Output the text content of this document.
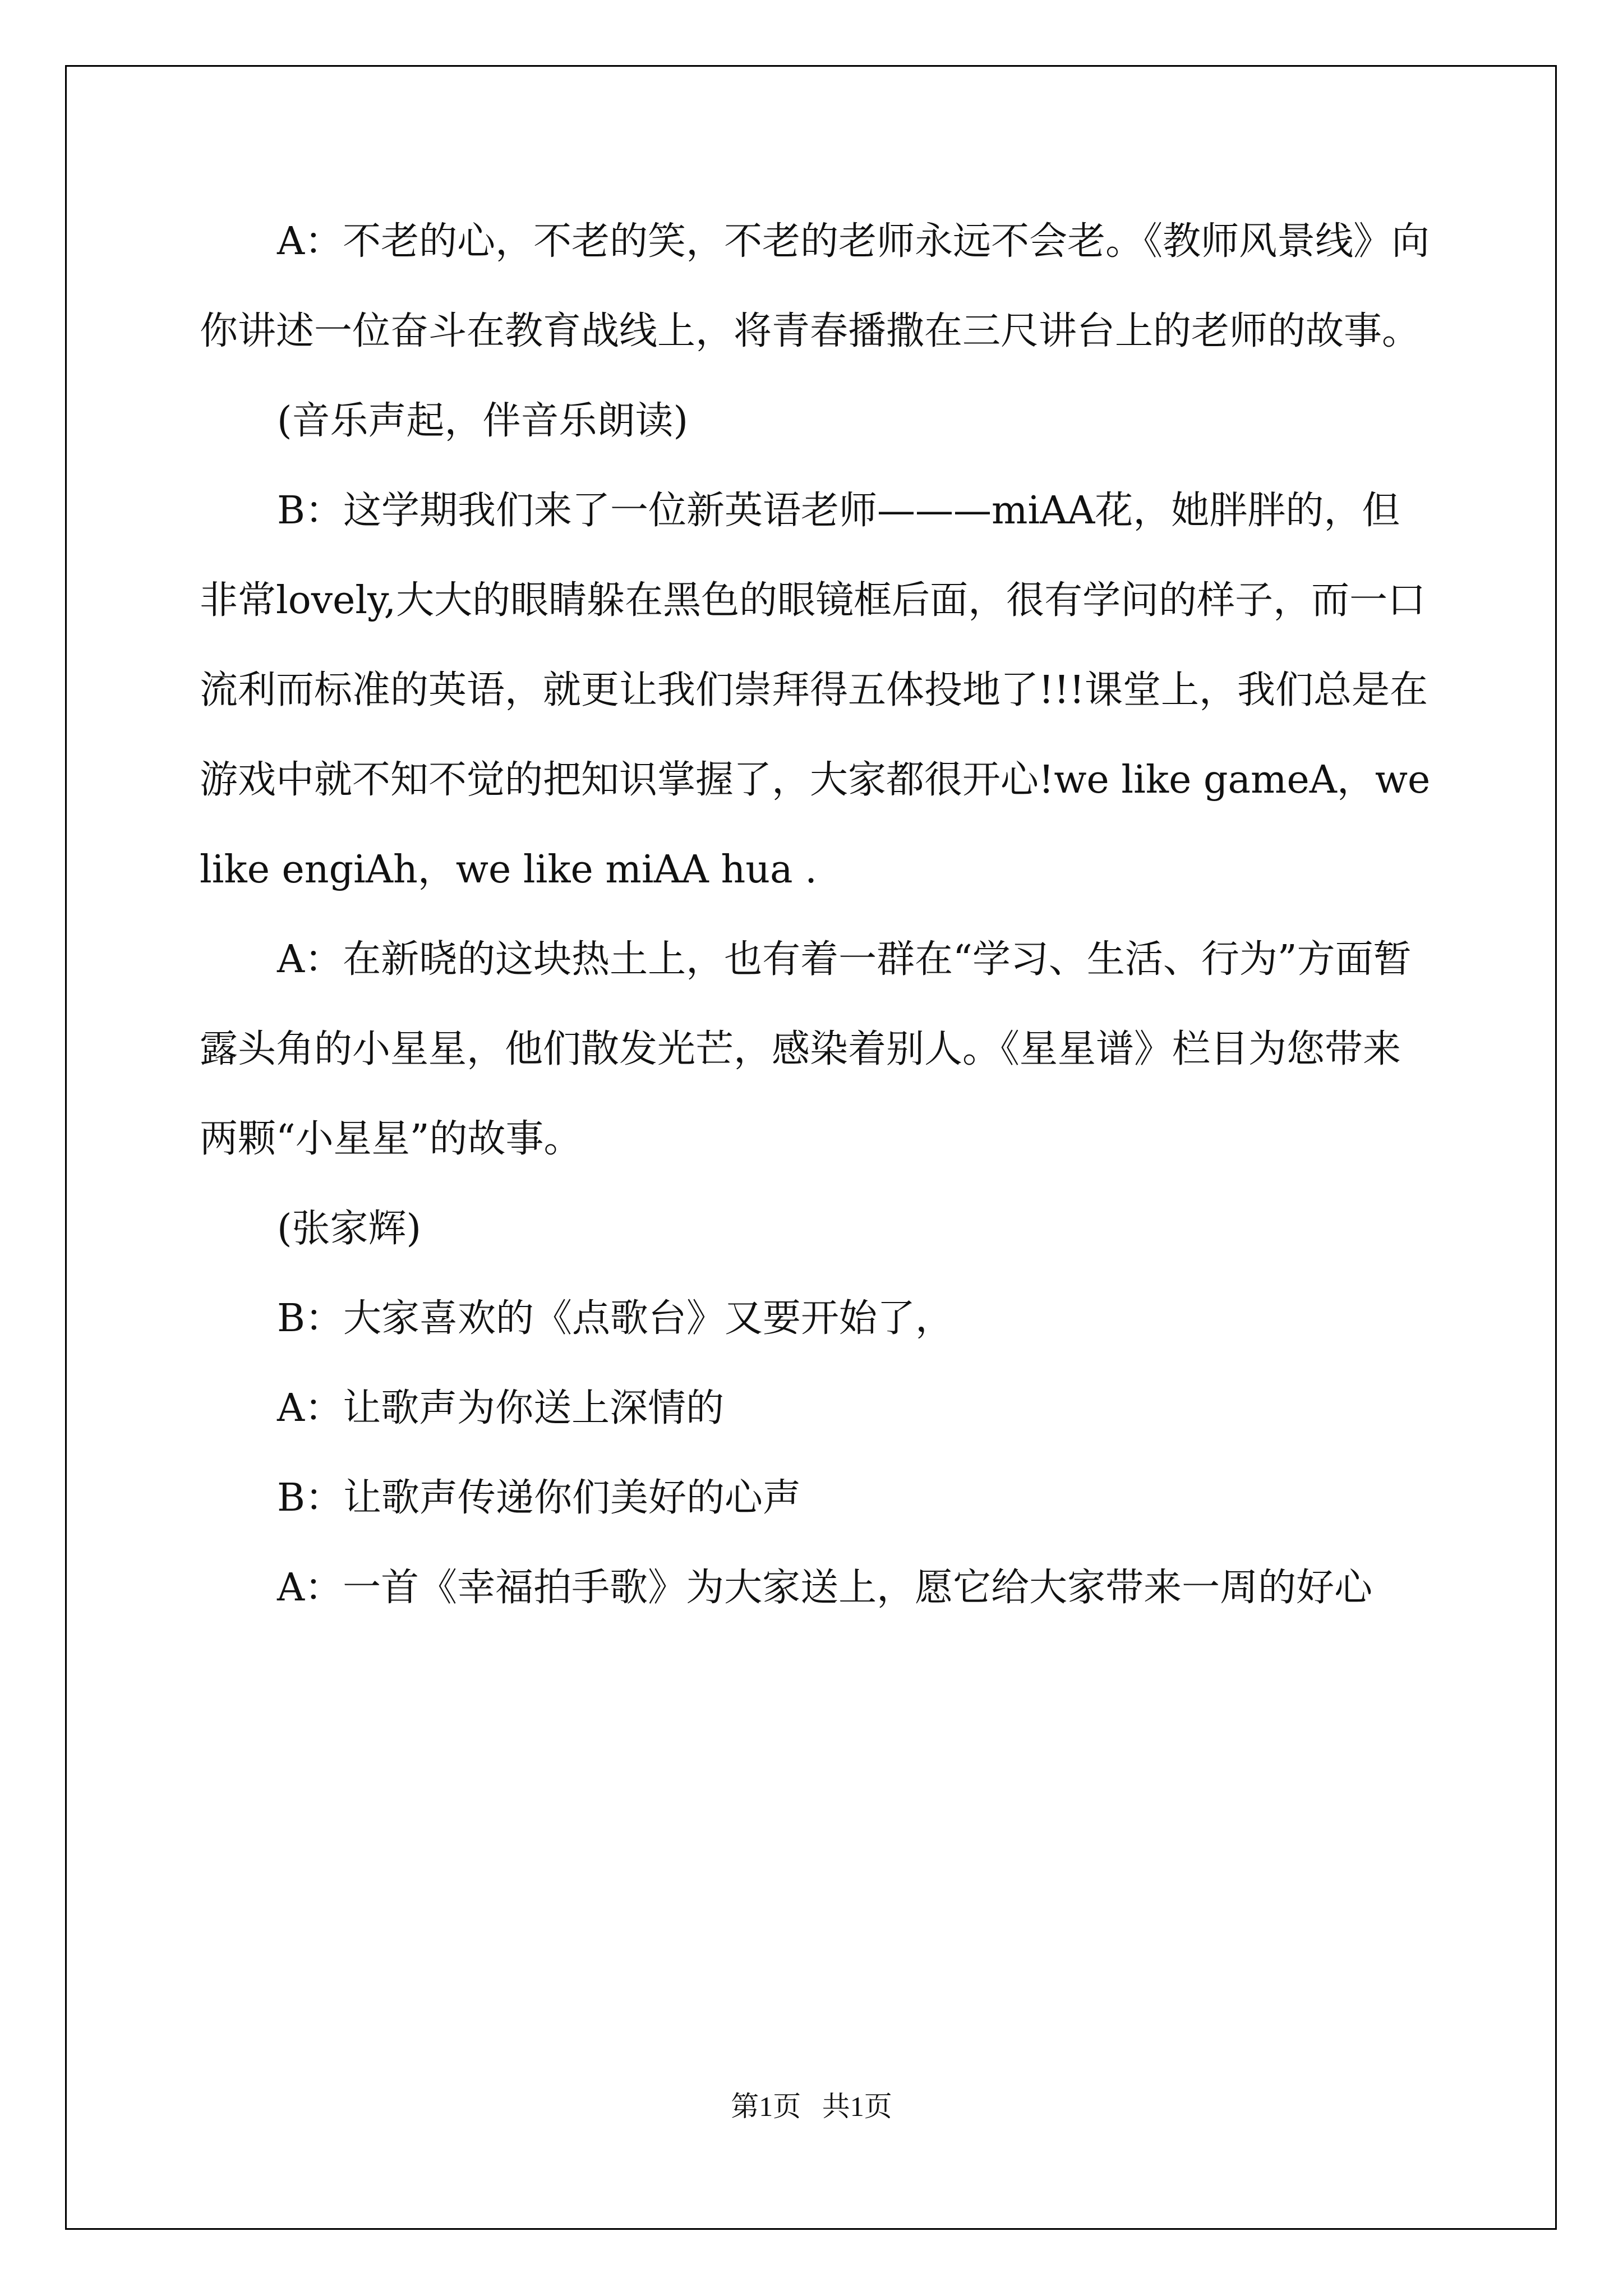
A：不老的心，不老的笑，不老的老师永远不会老。《教师风景线》向你讲述一位奋斗在教育战线上，将青春播撒在三尺讲台上的老师的故事。

(音乐声起，伴音乐朗读)

B：这学期我们来了一位新英语老师———miAA花，她胖胖的，但非常lovely,大大的眼睛躲在黑色的眼镜框后面，很有学问的样子，而一口流利而标准的英语，就更让我们崇拜得五体投地了!!!课堂上，我们总是在游戏中就不知不觉的把知识掌握了，大家都很开心!we like gameA，we like engiAh，we like miAA hua .

A：在新晓的这块热土上，也有着一群在“学习、生活、行为”方面暂露头角的小星星，他们散发光芒，感染着别人。《星星谱》栏目为您带来两颗“小星星”的故事。

(张家辉)

B：大家喜欢的《点歌台》又要开始了，

A：让歌声为你送上深情的

B：让歌声传递你们美好的心声

A：一首《幸福拍手歌》为大家送上，愿它给大家带来一周的好心

第1页   共1页
